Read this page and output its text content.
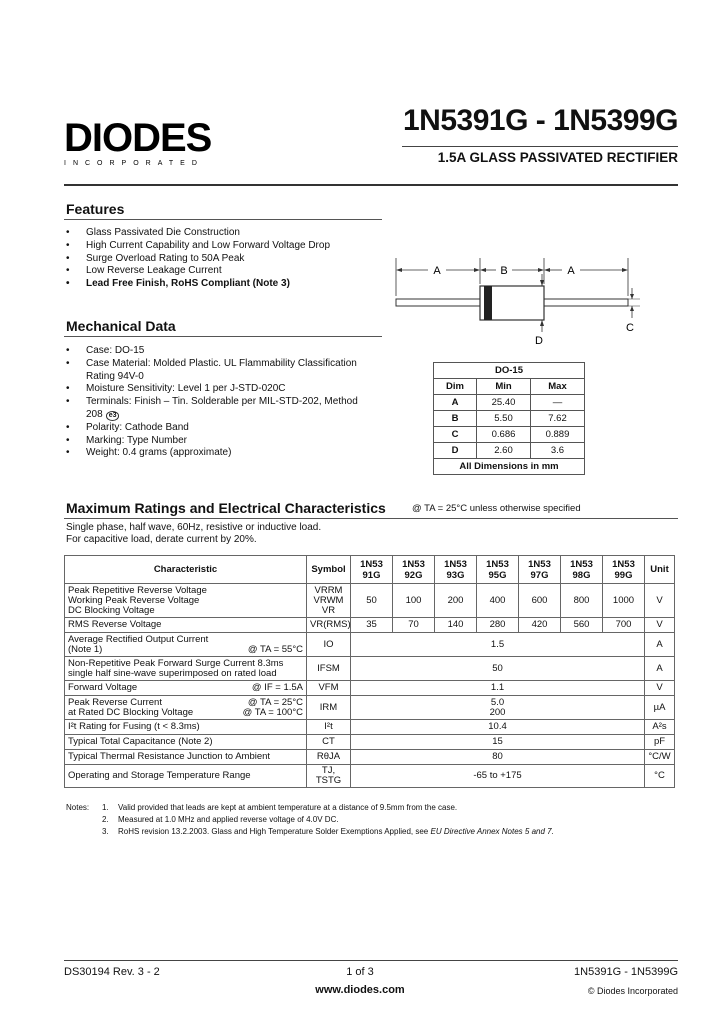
DIODES
INCORPORATED
1N5391G - 1N5399G
1.5A GLASS PASSIVATED RECTIFIER
Features
• Glass Passivated Die Construction
• High Current Capability and Low Forward Voltage Drop
• Surge Overload Rating to 50A Peak
• Low Reverse Leakage Current
• Lead Free Finish, RoHS Compliant (Note 3)
Mechanical Data
• Case: DO-15
• Case Material: Molded Plastic. UL Flammability Classification Rating 94V-0
• Moisture Sensitivity: Level 1 per J-STD-020C
• Terminals: Finish – Tin. Solderable per MIL-STD-202, Method 208 e3
• Polarity: Cathode Band
• Marking: Type Number
• Weight: 0.4 grams (approximate)
A	B	A
D
C
DO-15		
Dim	Min	Max
A	25.40	—
B	5.50	7.62
C	0.686	0.889
D	2.60	3.6
All Dimensions in mm		
Maximum Ratings and Electrical Characteristics	@ TA = 25°C unless otherwise specified
Single phase, half wave, 60Hz, resistive or inductive load.
For capacitive load, derate current by 20%.
Characteristic	Symbol	1N53 91G	1N53 92G	1N53 93G	1N53 95G	1N53 97G	1N53 98G	1N53 99G	Unit

Peak Repetitive Reverse Voltage
Working Peak Reverse Voltage
DC Blocking Voltage	VRRM
VRWM
VR	50	100	200	400	600	800	1000	V
RMS Reverse Voltage	VR(RMS)	35	70	140	280	420	560	700	V

Average Rectified Output Current
(Note 1) @ TA = 55°C	IO	1.5							A

Non-Repetitive Peak Forward Surge Current 8.3ms
single half sine-wave superimposed on rated load	IFSM	50							A
Forward Voltage @ IF = 1.5A	VFM	1.1							V

Peak Reverse Current @ TA = 25°C
at Rated DC Blocking Voltage @ TA = 100°C	IRM	5.0
200							µA
I²t Rating for Fusing (t < 8.3ms)	I²t	10.4							A²s
Typical Total Capacitance (Note 2)	CT	15							pF
Typical Thermal Resistance Junction to Ambient	RθJA	80							°C/W
Operating and Storage Temperature Range	TJ, TSTG	-65 to +175							°C
Notes: 1. Valid provided that leads are kept at ambient temperature at a distance of 9.5mm from the case.
2. Measured at 1.0 MHz and applied reverse voltage of 4.0V DC.
3. RoHS revision 13.2.2003. Glass and High Temperature Solder Exemptions Applied, see EU Directive Annex Notes 5 and 7.
DS30194 Rev. 3 - 2	1 of 3	1N5391G - 1N5399G
www.diodes.com	© Diodes Incorporated
